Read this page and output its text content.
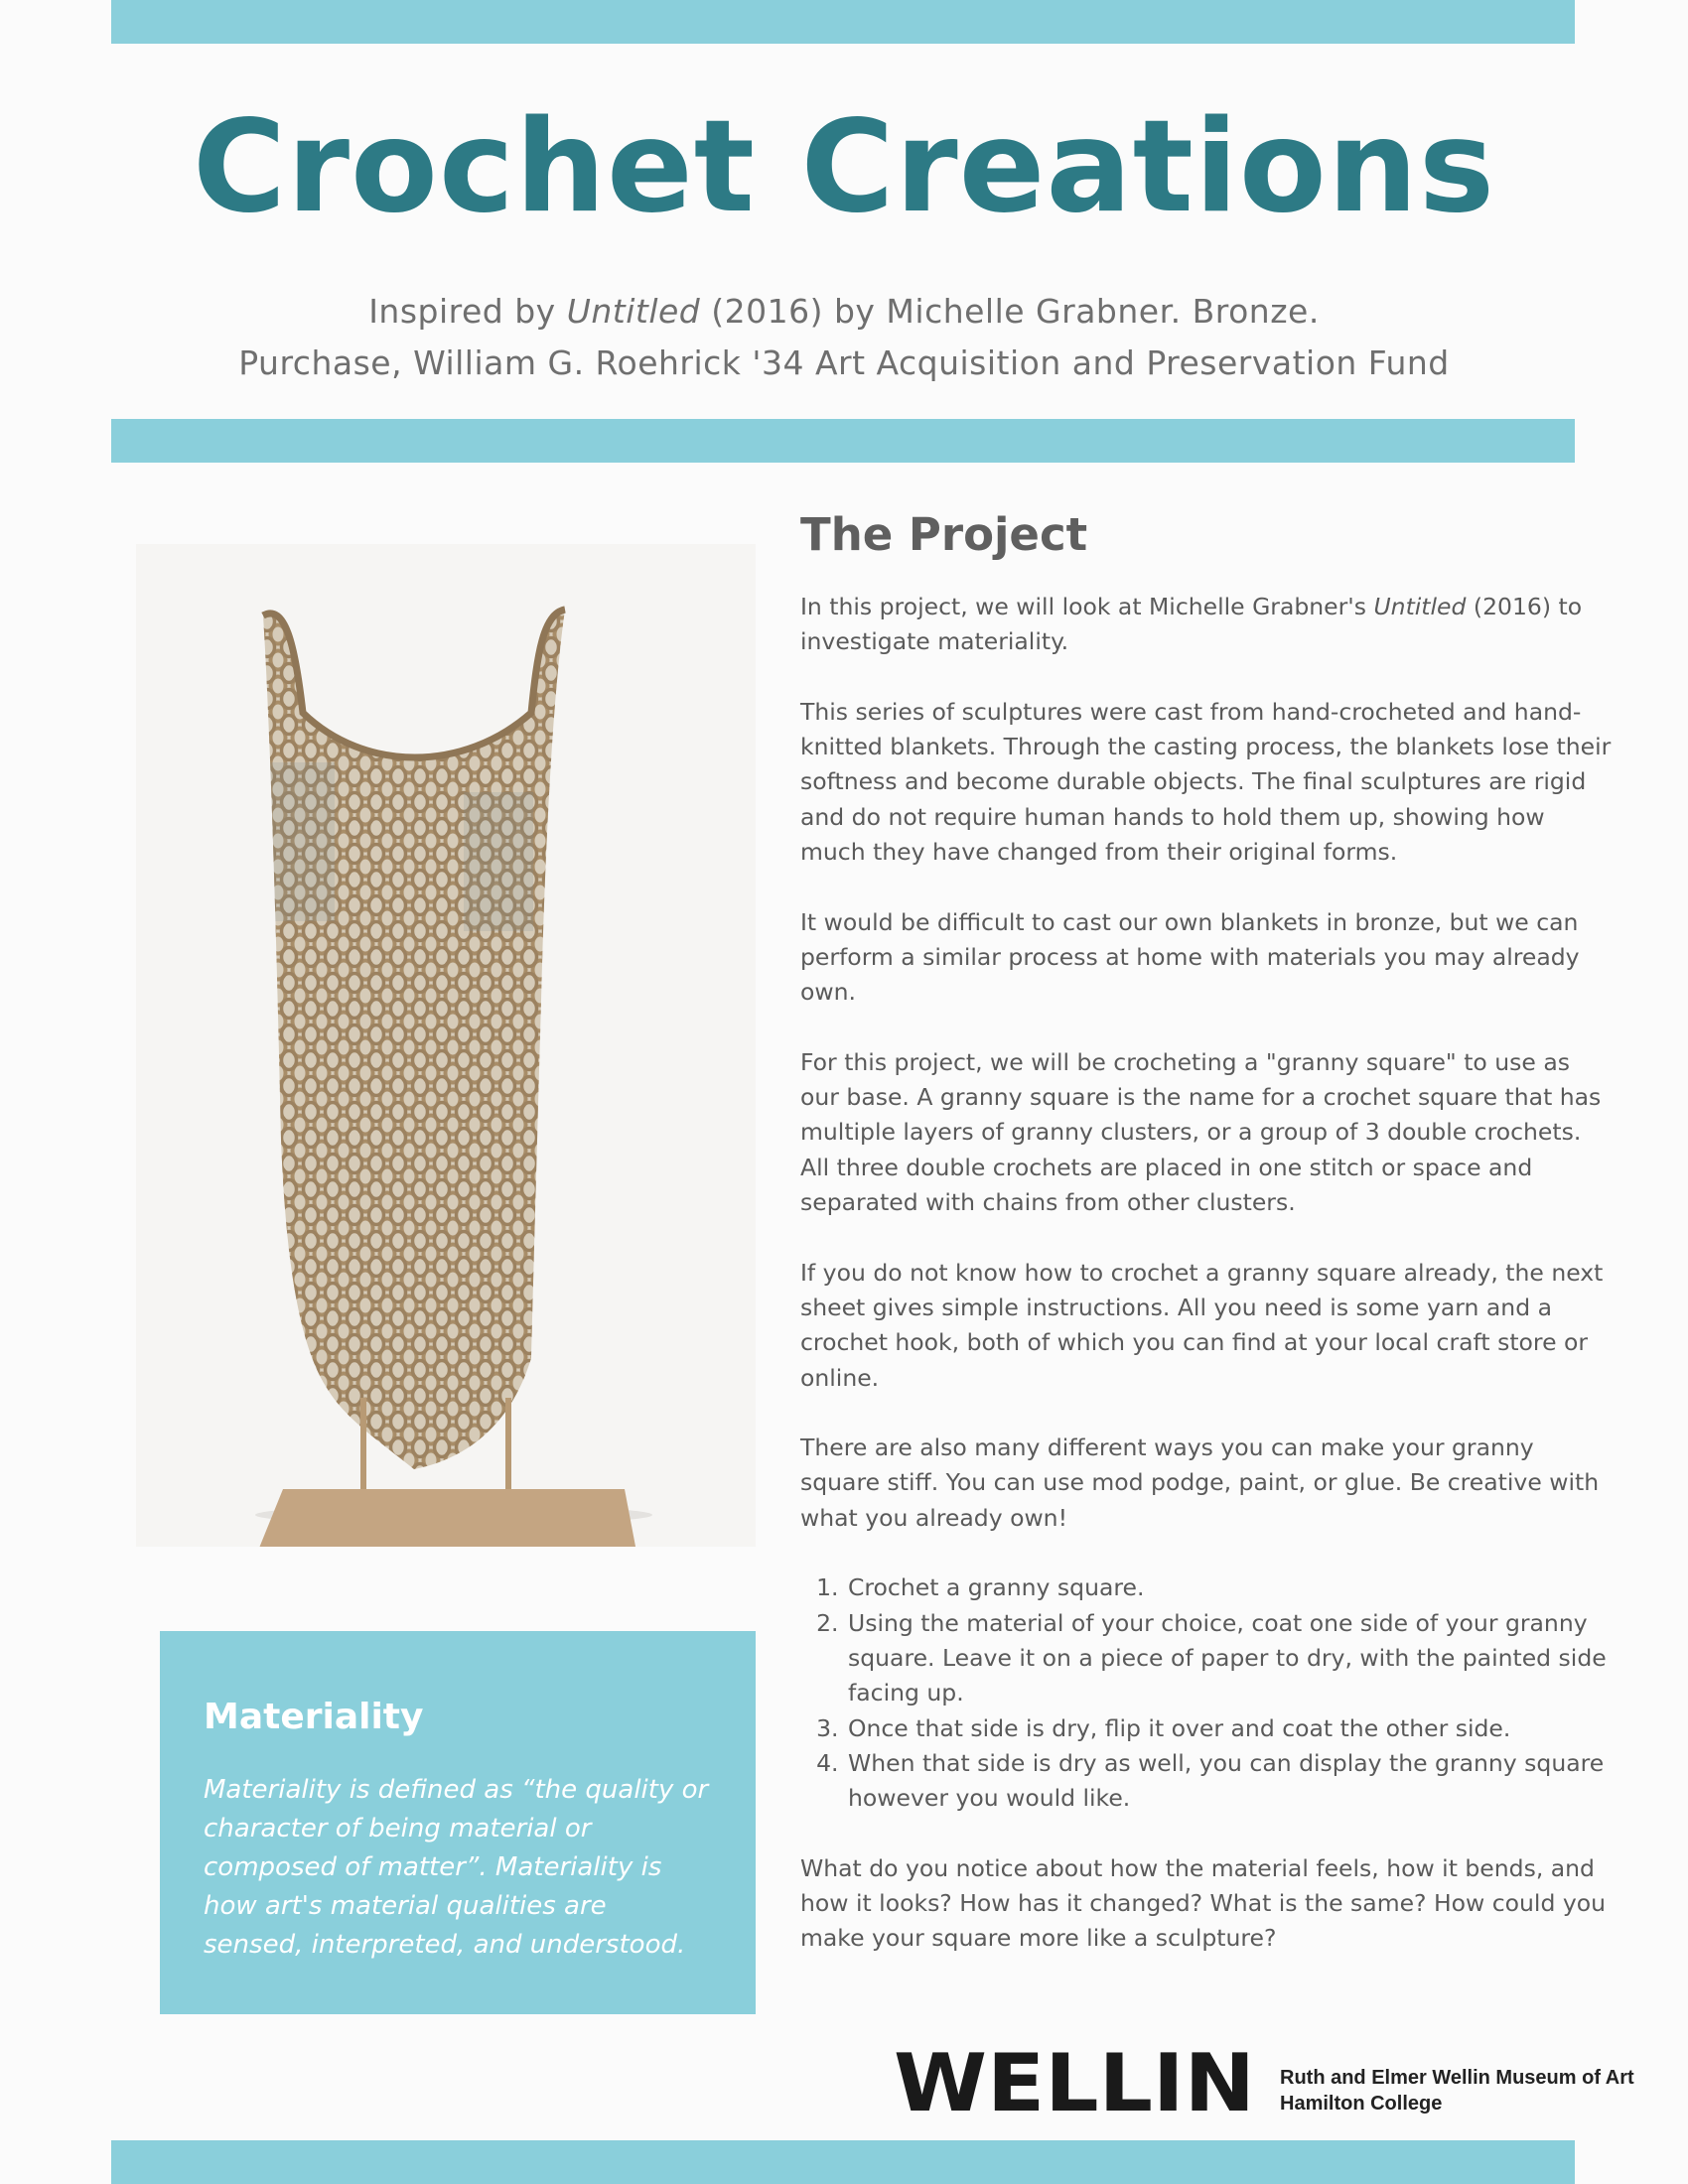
Crochet Creations
Inspired by Untitled (2016) by Michelle Grabner. Bronze.
Purchase, William G. Roehrick '34 Art Acquisition and Preservation Fund
Materiality

Materiality is defined as “the quality or character of being material or composed of matter”. Materiality is how art's material qualities are sensed, interpreted, and understood.

The Project

In this project, we will look at Michelle Grabner's Untitled (2016) to investigate materiality.

This series of sculptures were cast from hand-crocheted and hand-knitted blankets. Through the casting process, the blankets lose their softness and become durable objects. The final sculptures are rigid and do not require human hands to hold them up, showing how much they have changed from their original forms.

It would be difficult to cast our own blankets in bronze, but we can perform a similar process at home with materials you may already own.

For this project, we will be crocheting a "granny square" to use as our base. A granny square is the name for a crochet square that has multiple layers of granny clusters, or a group of 3 double crochets. All three double crochets are placed in one stitch or space and separated with chains from other clusters.

If you do not know how to crochet a granny square already, the next sheet gives simple instructions. All you need is some yarn and a crochet hook, both of which you can find at your local craft store or online.

There are also many different ways you can make your granny square stiff. You can use mod podge, paint, or glue. Be creative with what you already own!

1. Crochet a granny square.
2. Using the material of your choice, coat one side of your granny square. Leave it on a piece of paper to dry, with the painted side facing up.
3. Once that side is dry, flip it over and coat the other side.
4. When that side is dry as well, you can display the granny square however you would like.

What do you notice about how the material feels, how it bends, and how it looks? How has it changed? What is the same? How could you make your square more like a sculpture?

WELLIN Ruth and Elmer Wellin Museum of Art
Hamilton College
